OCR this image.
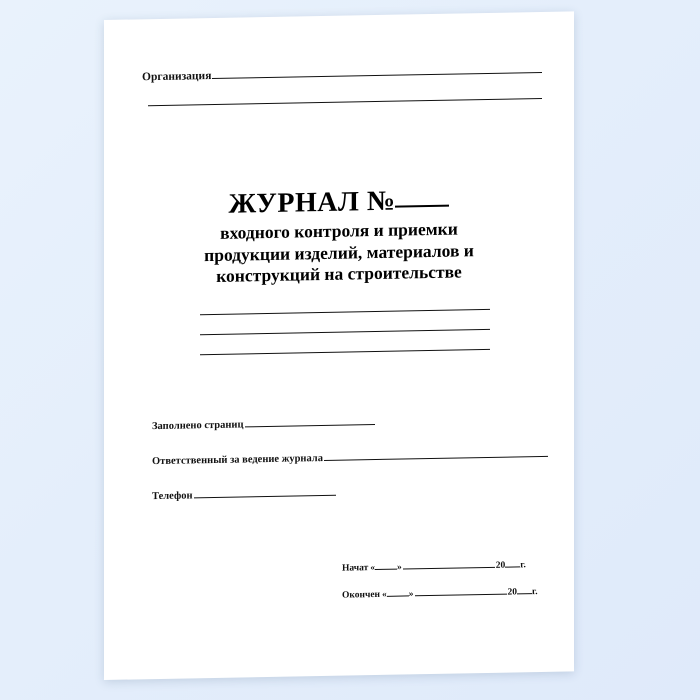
Организация
ЖУРНАЛ №
входного контроля и приемки
продукции изделий, материалов и
конструкций на строительстве
Заполнено страниц
Ответственный за ведение журнала
Телефон
Начат « »	20 г.
Окончен « »	20 г.
